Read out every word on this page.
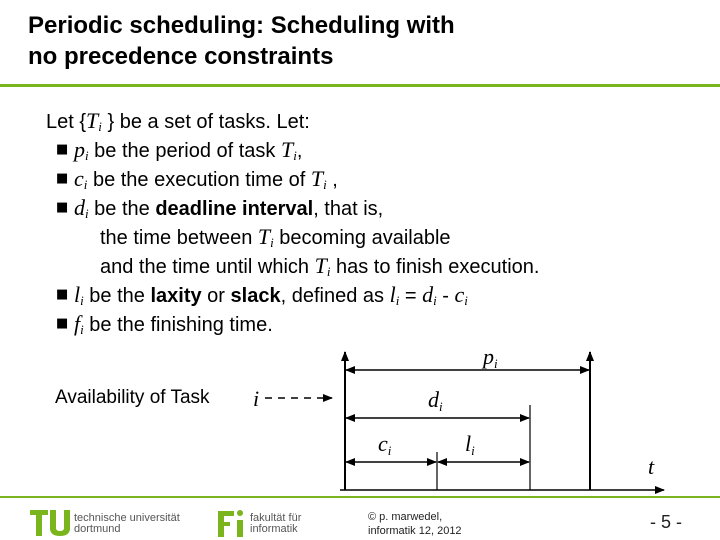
Periodic scheduling: Scheduling with
no precedence constraints
Let {$T_i$ } be a set of tasks. Let:
■ $p_i$ be the period of task $T_i$,
■ $c_i$ be the execution time of $T_i$ ,
■ $d_i$ be the deadline interval, that is,
the time between $T_i$ becoming available
and the time until which $T_i$ has to finish execution.
■ $l_i$ be the laxity or slack, defined as $l_i = d_i - c_i$
■ $f_i$ be the finishing time.
Availability of Task i
pi
di
ci	li
t
technische universität
dortmund
fakultät für
informatik
© p. marwedel,
informatik 12, 2012	- 5 -
